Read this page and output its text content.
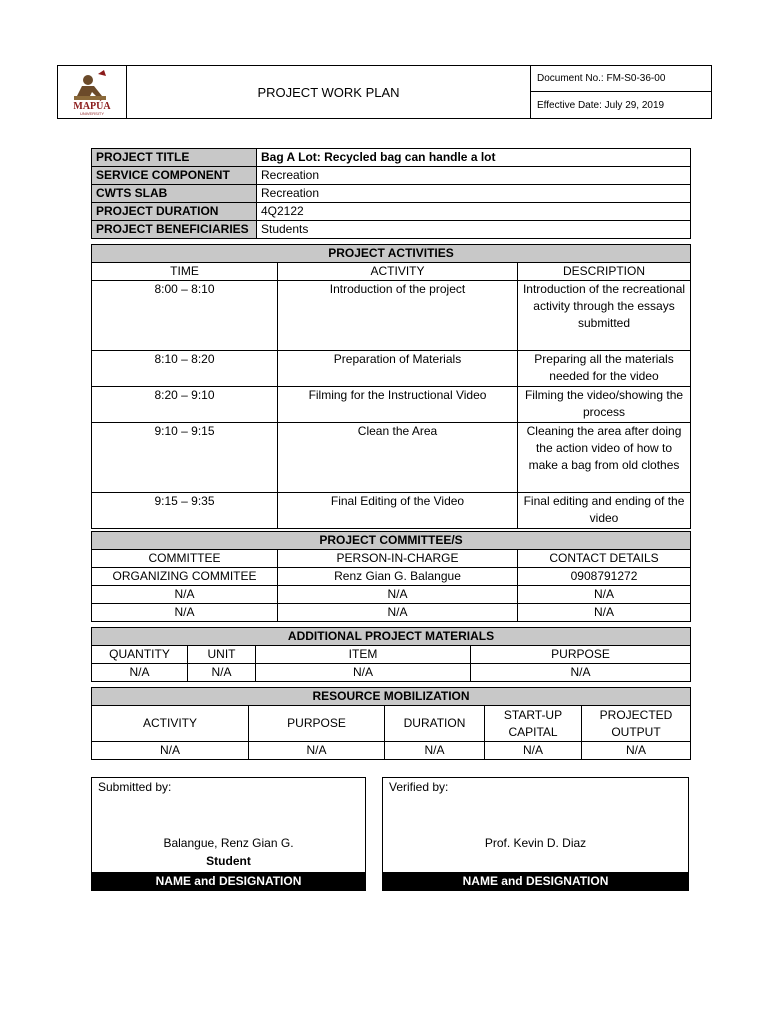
MAPÚA
UNIVERSITY
PROJECT WORK PLAN
Document No.: FM-S0-36-00
Effective Date: July 29, 2019
PROJECT TITLE	Bag A Lot: Recycled bag can handle a lot
SERVICE COMPONENT	Recreation
CWTS SLAB	Recreation
PROJECT DURATION	4Q2122
PROJECT BENEFICIARIES	Students
PROJECT ACTIVITIES		
TIME	ACTIVITY	DESCRIPTION
8:00 – 8:10	Introduction of the project	Introduction of the recreational activity through the essays submitted
8:10 – 8:20	Preparation of Materials	Preparing all the materials needed for the video
8:20 – 9:10	Filming for the Instructional Video	Filming the video/showing the process
9:10 – 9:15	Clean the Area	Cleaning the area after doing the action video of how to make a bag from old clothes
9:15 – 9:35	Final Editing of the Video	Final editing and ending of the video
PROJECT COMMITTEE/S		
COMMITTEE	PERSON-IN-CHARGE	CONTACT DETAILS
ORGANIZING COMMITEE	Renz Gian G. Balangue	0908791272
N/A	N/A	N/A
N/A	N/A	N/A
ADDITIONAL PROJECT MATERIALS			
QUANTITY	UNIT	ITEM	PURPOSE
N/A	N/A	N/A	N/A
RESOURCE MOBILIZATION				
ACTIVITY	PURPOSE	DURATION	START-UP CAPITAL	PROJECTED OUTPUT
N/A	N/A	N/A	N/A	N/A
Submitted by:
Balangue, Renz Gian G.
Student
NAME and DESIGNATION
Verified by:
Prof. Kevin D. Diaz
NAME and DESIGNATION
